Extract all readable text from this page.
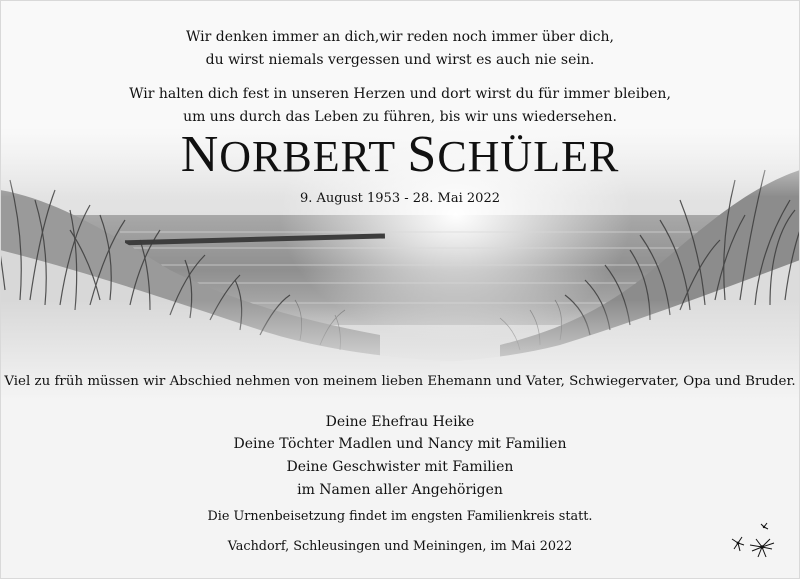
Wir denken immer an dich,wir reden noch immer über dich,
du wirst niemals vergessen und wirst es auch nie sein.
Wir halten dich fest in unseren Herzen und dort wirst du für immer bleiben,
um uns durch das Leben zu führen, bis wir uns wiedersehen.
NORBERT SCHÜLER
9. August 1953 - 28. Mai 2022
Viel zu früh müssen wir Abschied nehmen von meinem lieben Ehemann und Vater, Schwiegervater, Opa und Bruder.
Deine Ehefrau Heike
Deine Töchter Madlen und Nancy mit Familien
Deine Geschwister mit Familien
im Namen aller Angehörigen
Die Urnenbeisetzung findet im engsten Familienkreis statt.
Vachdorf, Schleusingen und Meiningen, im Mai 2022
